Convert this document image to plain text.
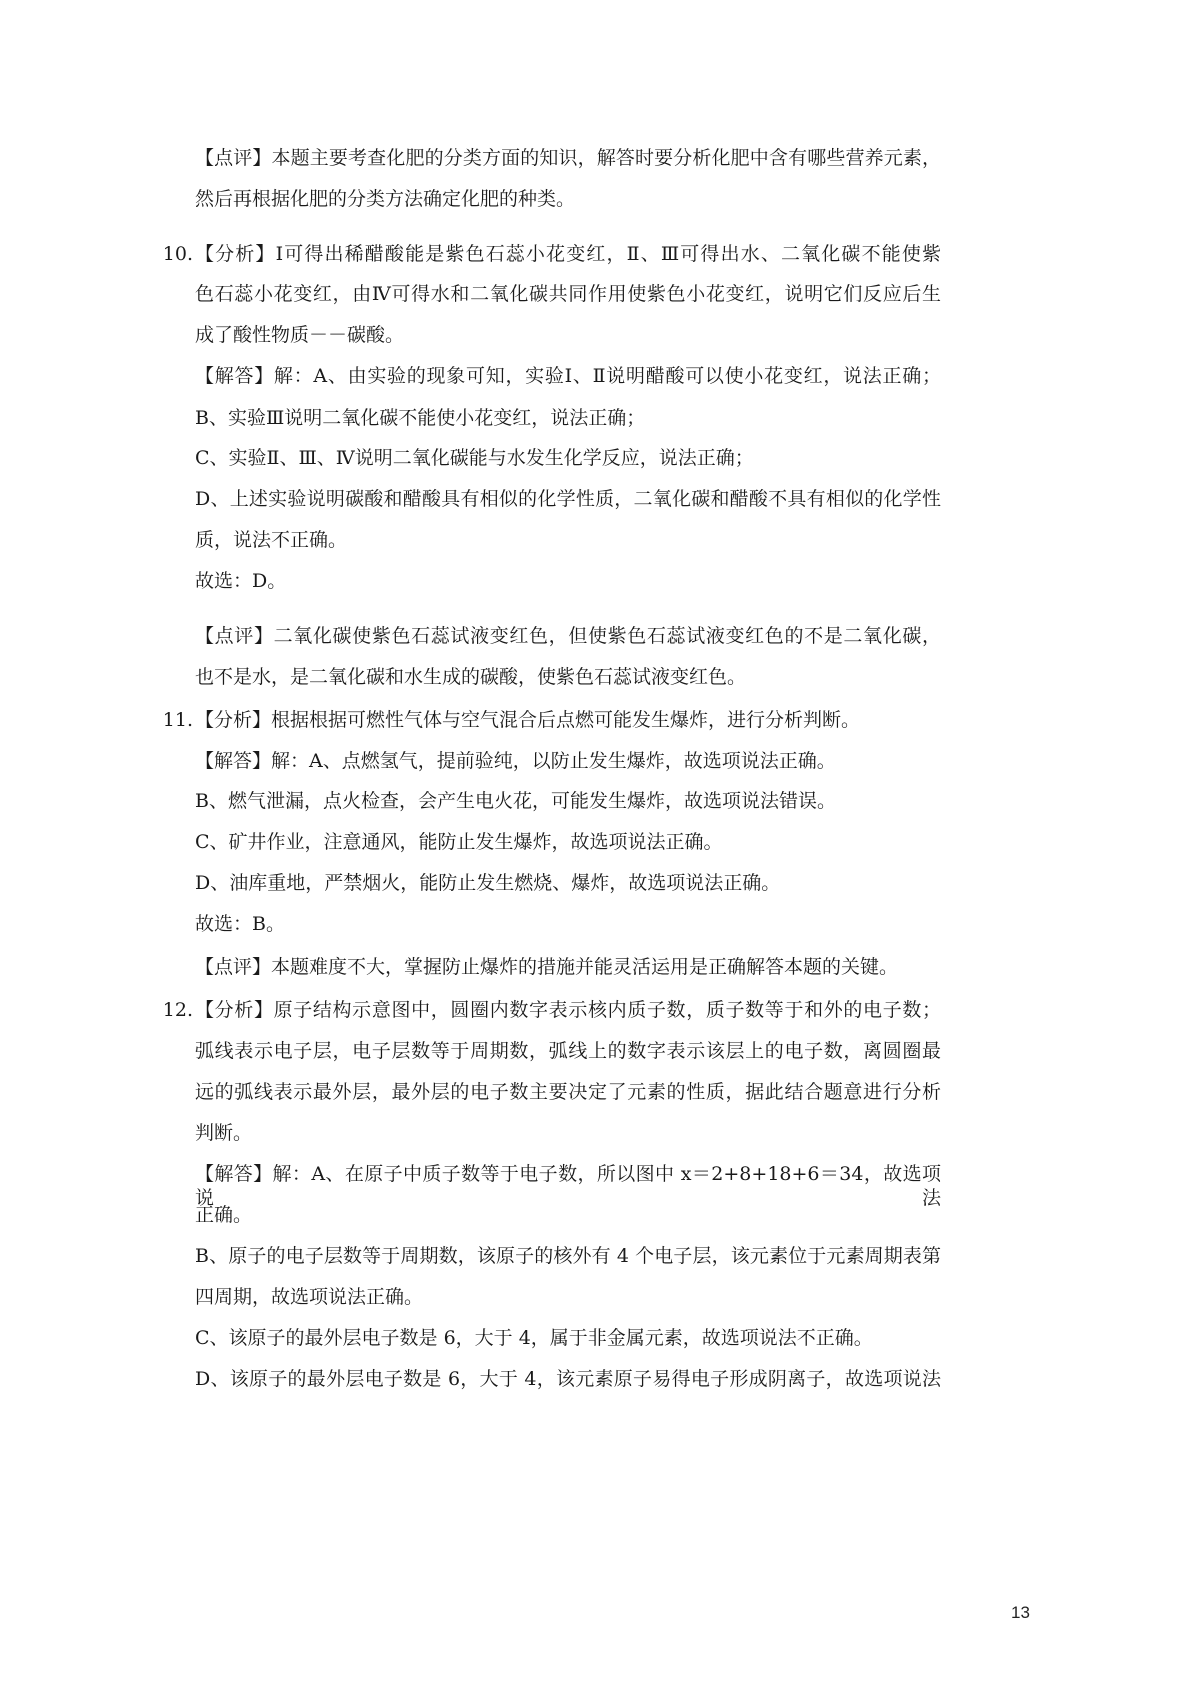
【点评】本题主要考查化肥的分类方面的知识，解答时要分析化肥中含有哪些营养元素，
然后再根据化肥的分类方法确定化肥的种类。
10. 【分析】Ⅰ可得出稀醋酸能是紫色石蕊小花变红，Ⅱ、Ⅲ可得出水、二氧化碳不能使紫
色石蕊小花变红，由Ⅳ可得水和二氧化碳共同作用使紫色小花变红，说明它们反应后生
成了酸性物质－－碳酸。
【解答】解：A、由实验的现象可知，实验Ⅰ、Ⅱ说明醋酸可以使小花变红，说法正确；
B、实验Ⅲ说明二氧化碳不能使小花变红，说法正确；
C、实验Ⅱ、Ⅲ、Ⅳ说明二氧化碳能与水发生化学反应，说法正确；
D、上述实验说明碳酸和醋酸具有相似的化学性质，二氧化碳和醋酸不具有相似的化学性
质，说法不正确。
故选：D。
【点评】二氧化碳使紫色石蕊试液变红色，但使紫色石蕊试液变红色的不是二氧化碳，
也不是水，是二氧化碳和水生成的碳酸，使紫色石蕊试液变红色。
11. 【分析】根据根据可燃性气体与空气混合后点燃可能发生爆炸，进行分析判断。
【解答】解：A、点燃氢气，提前验纯，以防止发生爆炸，故选项说法正确。
B、燃气泄漏，点火检查，会产生电火花，可能发生爆炸，故选项说法错误。
C、矿井作业，注意通风，能防止发生爆炸，故选项说法正确。
D、油库重地，严禁烟火，能防止发生燃烧、爆炸，故选项说法正确。
故选：B。
【点评】本题难度不大，掌握防止爆炸的措施并能灵活运用是正确解答本题的关键。
12. 【分析】原子结构示意图中，圆圈内数字表示核内质子数，质子数等于和外的电子数；
弧线表示电子层，电子层数等于周期数，弧线上的数字表示该层上的电子数，离圆圈最
远的弧线表示最外层，最外层的电子数主要决定了元素的性质，据此结合题意进行分析
判断。
【解答】解：A、在原子中质子数等于电子数，所以图中 x＝2+8+18+6＝34，故选项说法
正确。
B、原子的电子层数等于周期数，该原子的核外有 4 个电子层，该元素位于元素周期表第
四周期，故选项说法正确。
C、该原子的最外层电子数是 6，大于 4，属于非金属元素，故选项说法不正确。
D、该原子的最外层电子数是 6，大于 4，该元素原子易得电子形成阴离子，故选项说法
13
